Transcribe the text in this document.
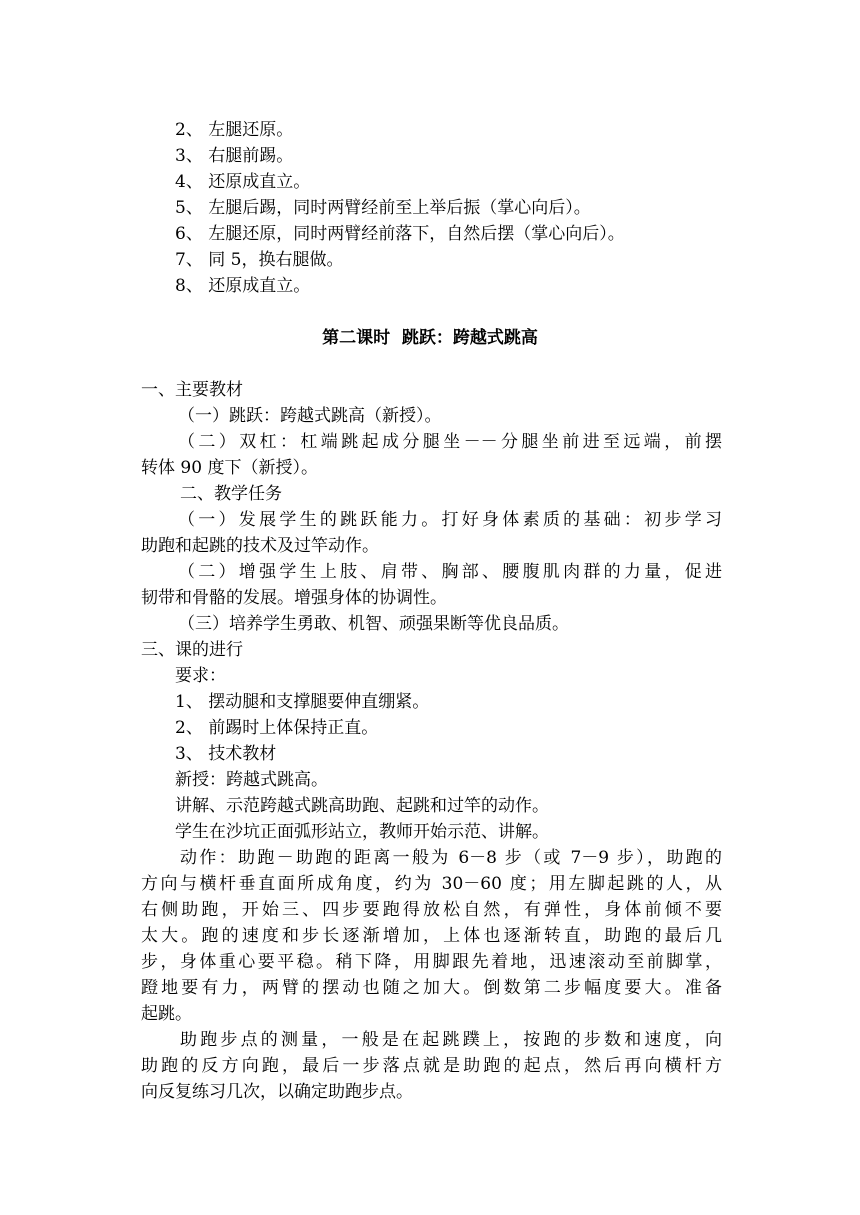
2、 左腿还原。
3、 右腿前踢。
4、 还原成直立。
5、 左腿后踢，同时两臂经前至上举后振（掌心向后）。
6、 左腿还原，同时两臂经前落下，自然后摆（掌心向后）。
7、 同 5，换右腿做。
8、 还原成直立。
第二课时  跳跃：跨越式跳高
一、主要教材
（一）跳跃：跨越式跳高（新授）。
（二）双杠：杠端跳起成分腿坐－－分腿坐前进至远端，前摆
转体 90 度下（新授）。
二、教学任务
（一）发展学生的跳跃能力。打好身体素质的基础：初步学习
助跑和起跳的技术及过竿动作。
（二）增强学生上肢、肩带、胸部、腰腹肌肉群的力量，促进
韧带和骨骼的发展。增强身体的协调性。
（三）培养学生勇敢、机智、顽强果断等优良品质。
三、课的进行
要求：
1、 摆动腿和支撑腿要伸直绷紧。
2、 前踢时上体保持正直。
3、 技术教材
新授：跨越式跳高。
讲解、示范跨越式跳高助跑、起跳和过竿的动作。
学生在沙坑正面弧形站立，教师开始示范、讲解。
动作：助跑－助跑的距离一般为 6－8 步（或 7－9 步），助跑的
方向与横杆垂直面所成角度，约为 30－60 度；用左脚起跳的人，从
右侧助跑，开始三、四步要跑得放松自然，有弹性，身体前倾不要
太大。跑的速度和步长逐渐增加，上体也逐渐转直，助跑的最后几
步，身体重心要平稳。稍下降，用脚跟先着地，迅速滚动至前脚掌，
蹬地要有力，两臂的摆动也随之加大。倒数第二步幅度要大。准备
起跳。
助跑步点的测量，一般是在起跳蹼上，按跑的步数和速度，向
助跑的反方向跑，最后一步落点就是助跑的起点，然后再向横杆方
向反复练习几次，以确定助跑步点。
